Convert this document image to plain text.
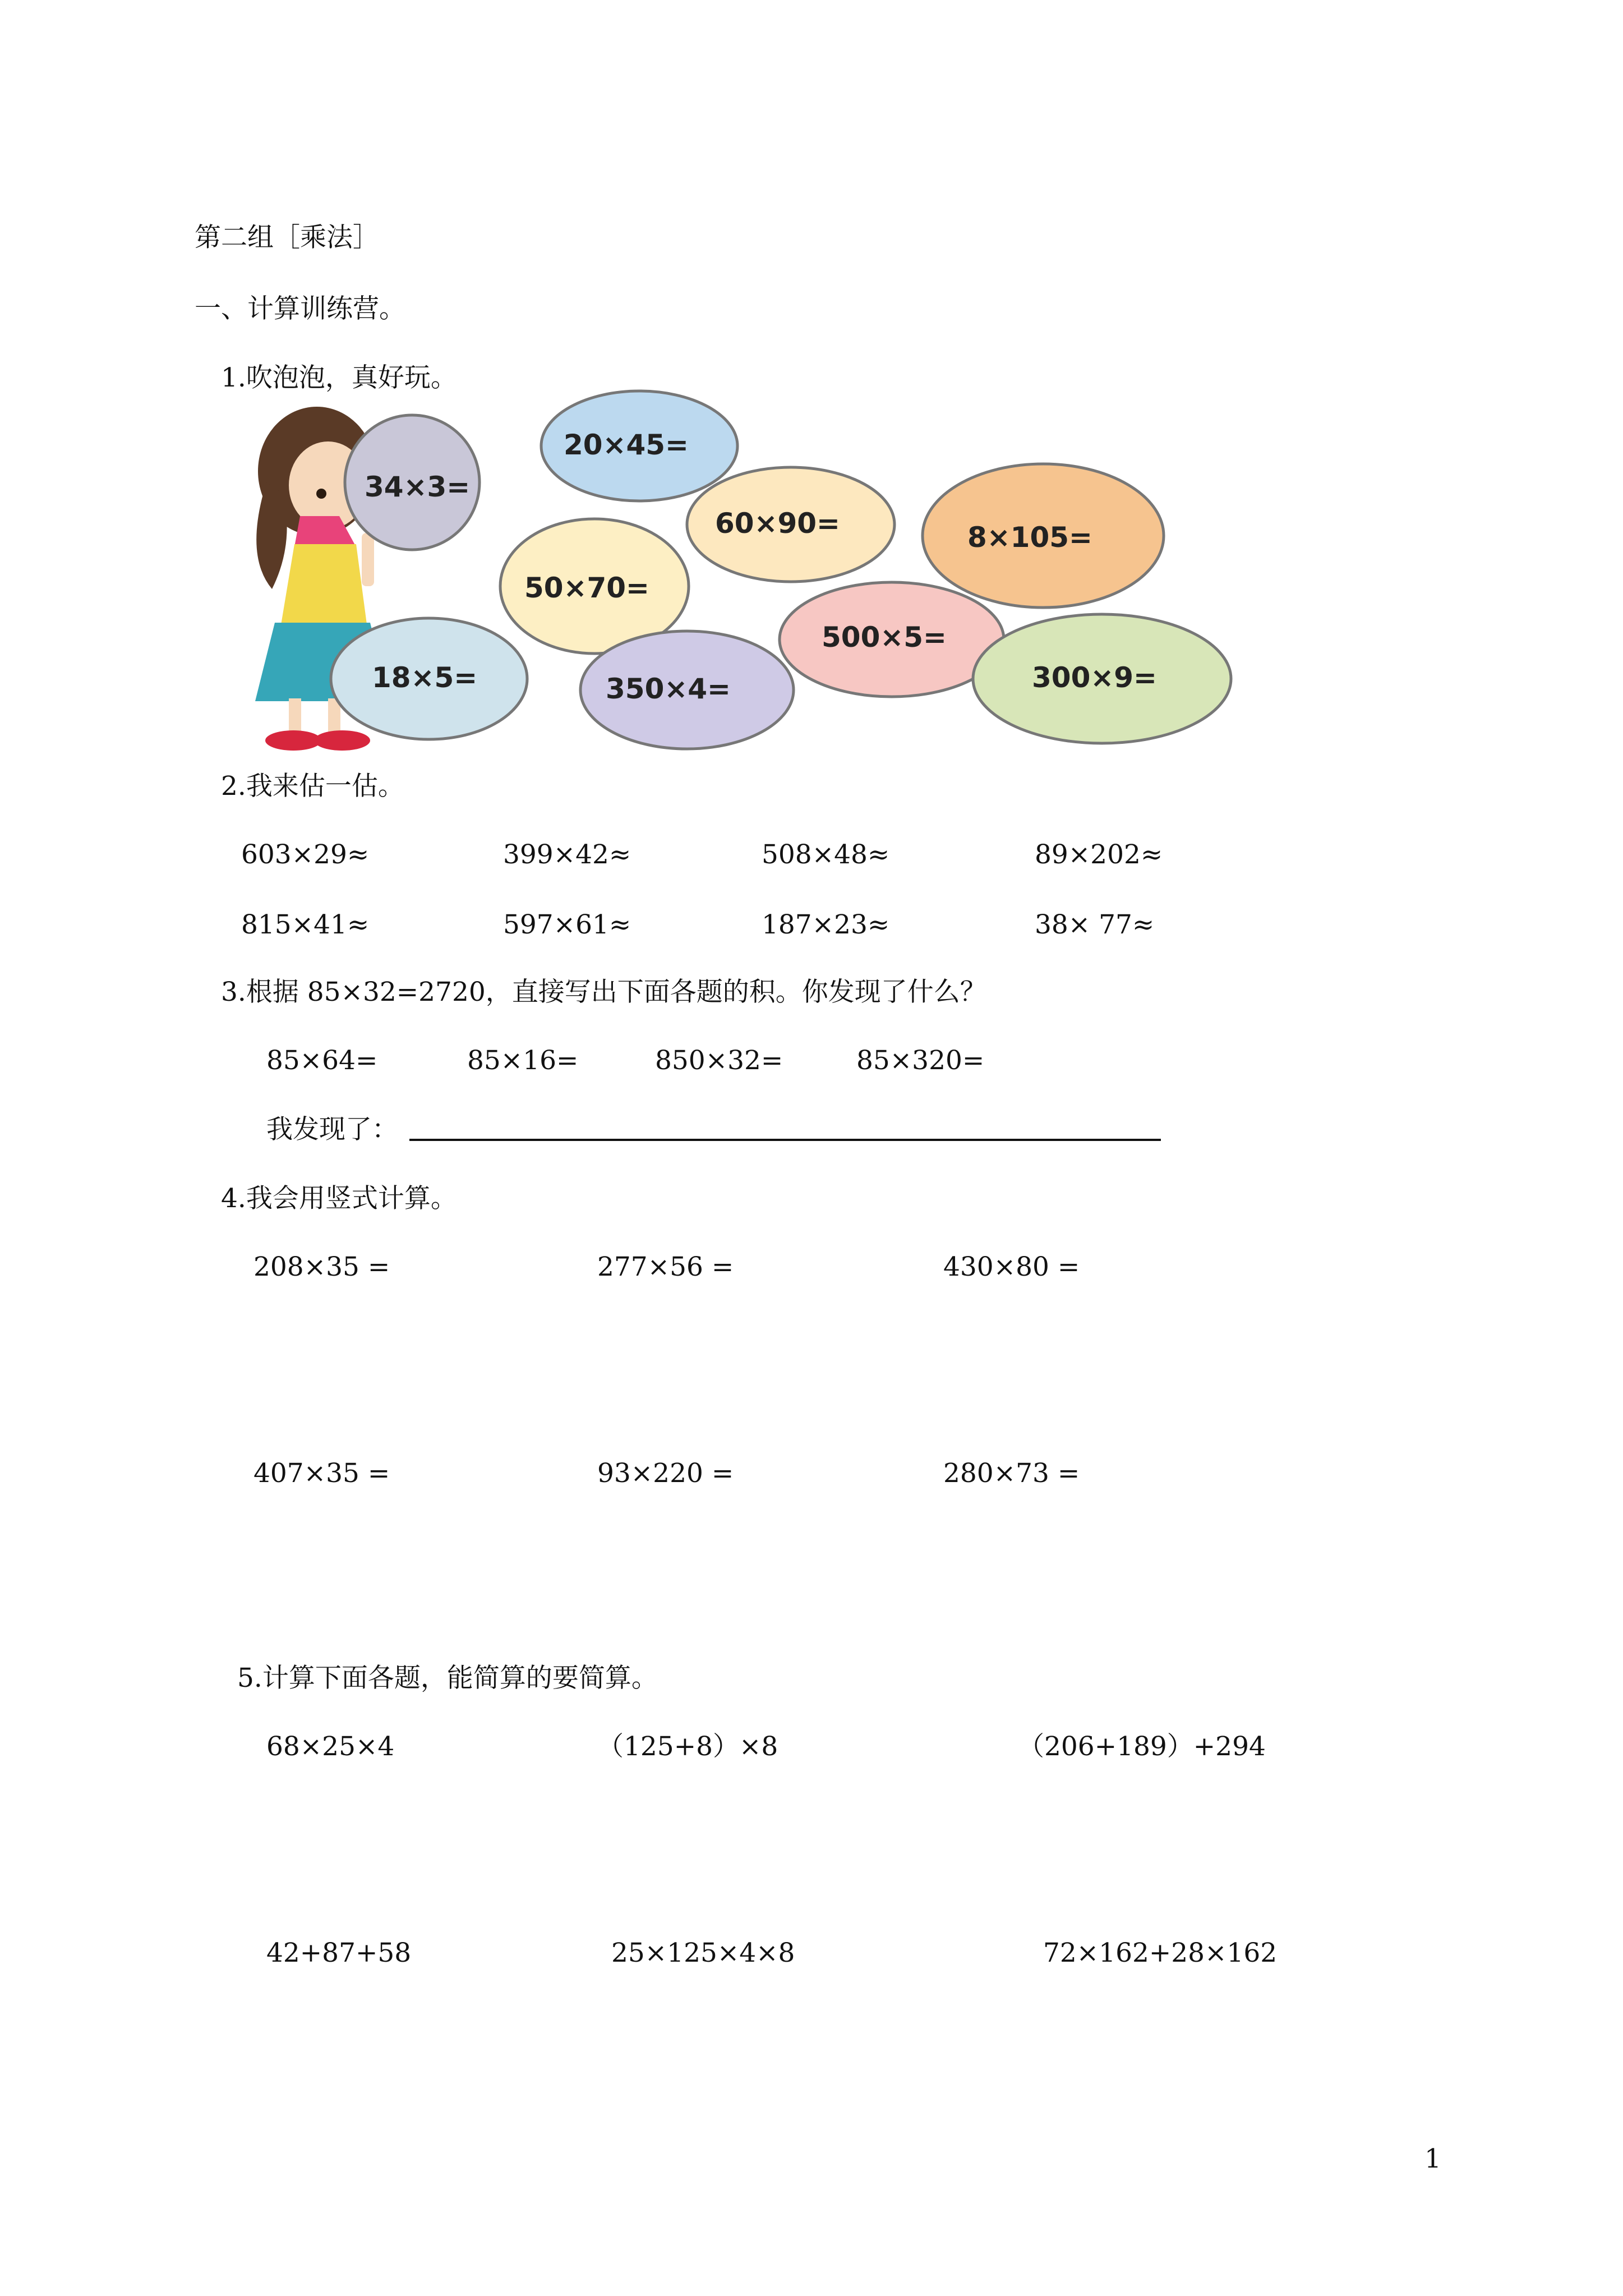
第二组［乘法］
一、计算训练营。
1.吹泡泡，真好玩。
34×3=
20×45=
60×90=	8×105=
50×70=
500×5=
18×5=	350×4=	300×9=
2.我来估一估。
603×29≈	399×42≈	508×48≈	89×202≈
815×41≈	597×61≈	187×23≈	38× 77≈
3.根据 85×32=2720，直接写出下面各题的积。你发现了什么？
85×64=	85×16=	850×32=	85×320=
我发现了：
4.我会用竖式计算。
208×35 =	277×56 =	430×80 =
407×35 =	93×220 =	280×73 =
5.计算下面各题，能简算的要简算。
68×25×4	（125+8）×8	（206+189）+294
42+87+58	25×125×4×8	72×162+28×162
1
